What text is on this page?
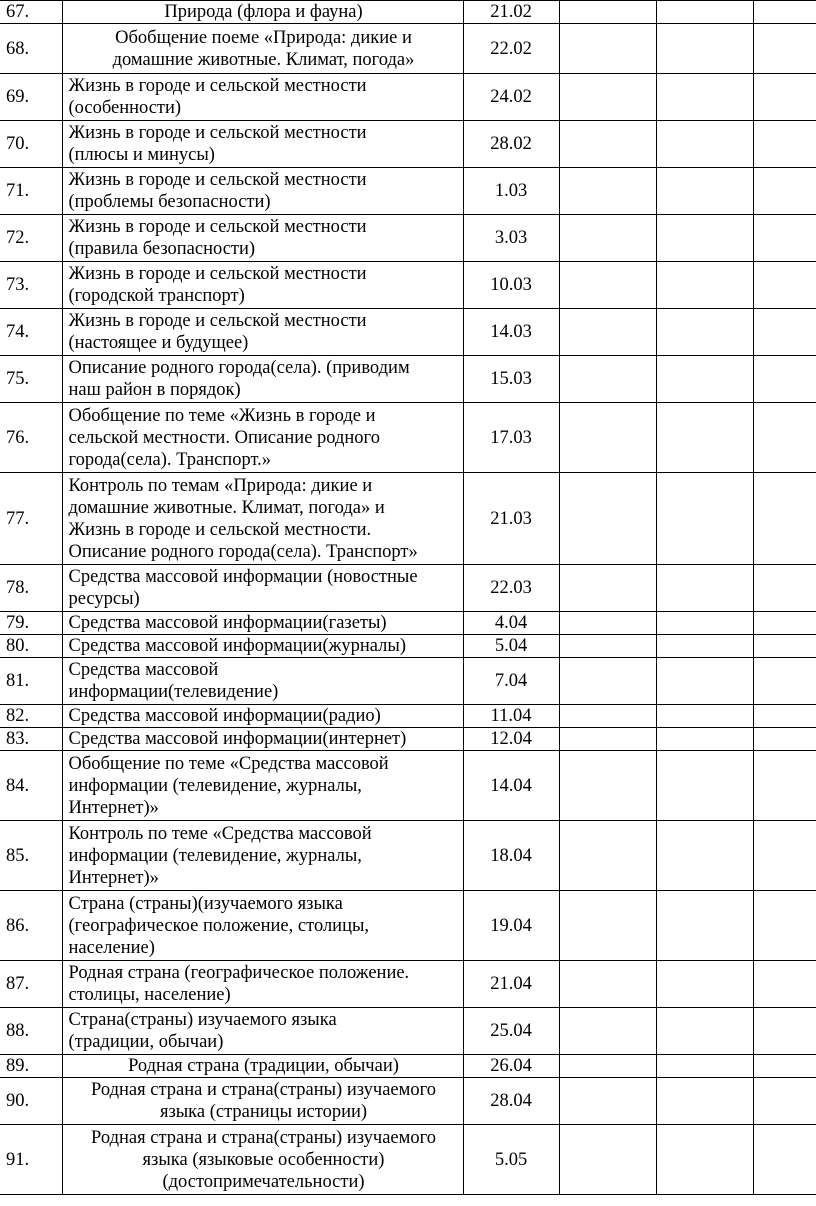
67.	Природа (флора и фауна)	21.02			
68.	Обобщение поеме «Природа: дикие и
домашние животные. Климат, погода»	22.02			
69.	Жизнь в городе и сельской местности
(особенности)	24.02			
70.	Жизнь в городе и сельской местности
(плюсы и минусы)	28.02			
71.	Жизнь в городе и сельской местности
(проблемы безопасности)	1.03			
72.	Жизнь в городе и сельской местности
(правила безопасности)	3.03			
73.	Жизнь в городе и сельской местности
(городской транспорт)	10.03			
74.	Жизнь в городе и сельской местности
(настоящее и будущее)	14.03			
75.	Описание родного города(села). (приводим
наш район в порядок)	15.03			
76.	Обобщение по теме «Жизнь в городе и
сельской местности. Описание родного
города(села). Транспорт.»	17.03			
77.	Контроль по темам «Природа: дикие и
домашние животные. Климат, погода» и
Жизнь в городе и сельской местности.
Описание родного города(села). Транспорт»	21.03			
78.	Средства массовой информации (новостные
ресурсы)	22.03			
79.	Средства массовой информации(газеты)	4.04			
80.	Средства массовой информации(журналы)	5.04			
81.	Средства массовой
информации(телевидение)	7.04			
82.	Средства массовой информации(радио)	11.04			
83.	Средства массовой информации(интернет)	12.04			
84.	Обобщение по теме «Средства массовой
информации (телевидение, журналы,
Интернет)»	14.04			
85.	Контроль по теме «Средства массовой
информации (телевидение, журналы,
Интернет)»	18.04			
86.	Страна (страны)(изучаемого языка
(географическое положение, столицы,
население)	19.04			
87.	Родная страна (географическое положение.
столицы, население)	21.04			
88.	Страна(страны) изучаемого языка
(традиции, обычаи)	25.04			
89.	Родная страна (традиции, обычаи)	26.04			
90.	Родная страна и страна(страны) изучаемого
языка (страницы истории)	28.04			
91.	Родная страна и страна(страны) изучаемого
языка (языковые особенности)
(достопримечательности)	5.05			
